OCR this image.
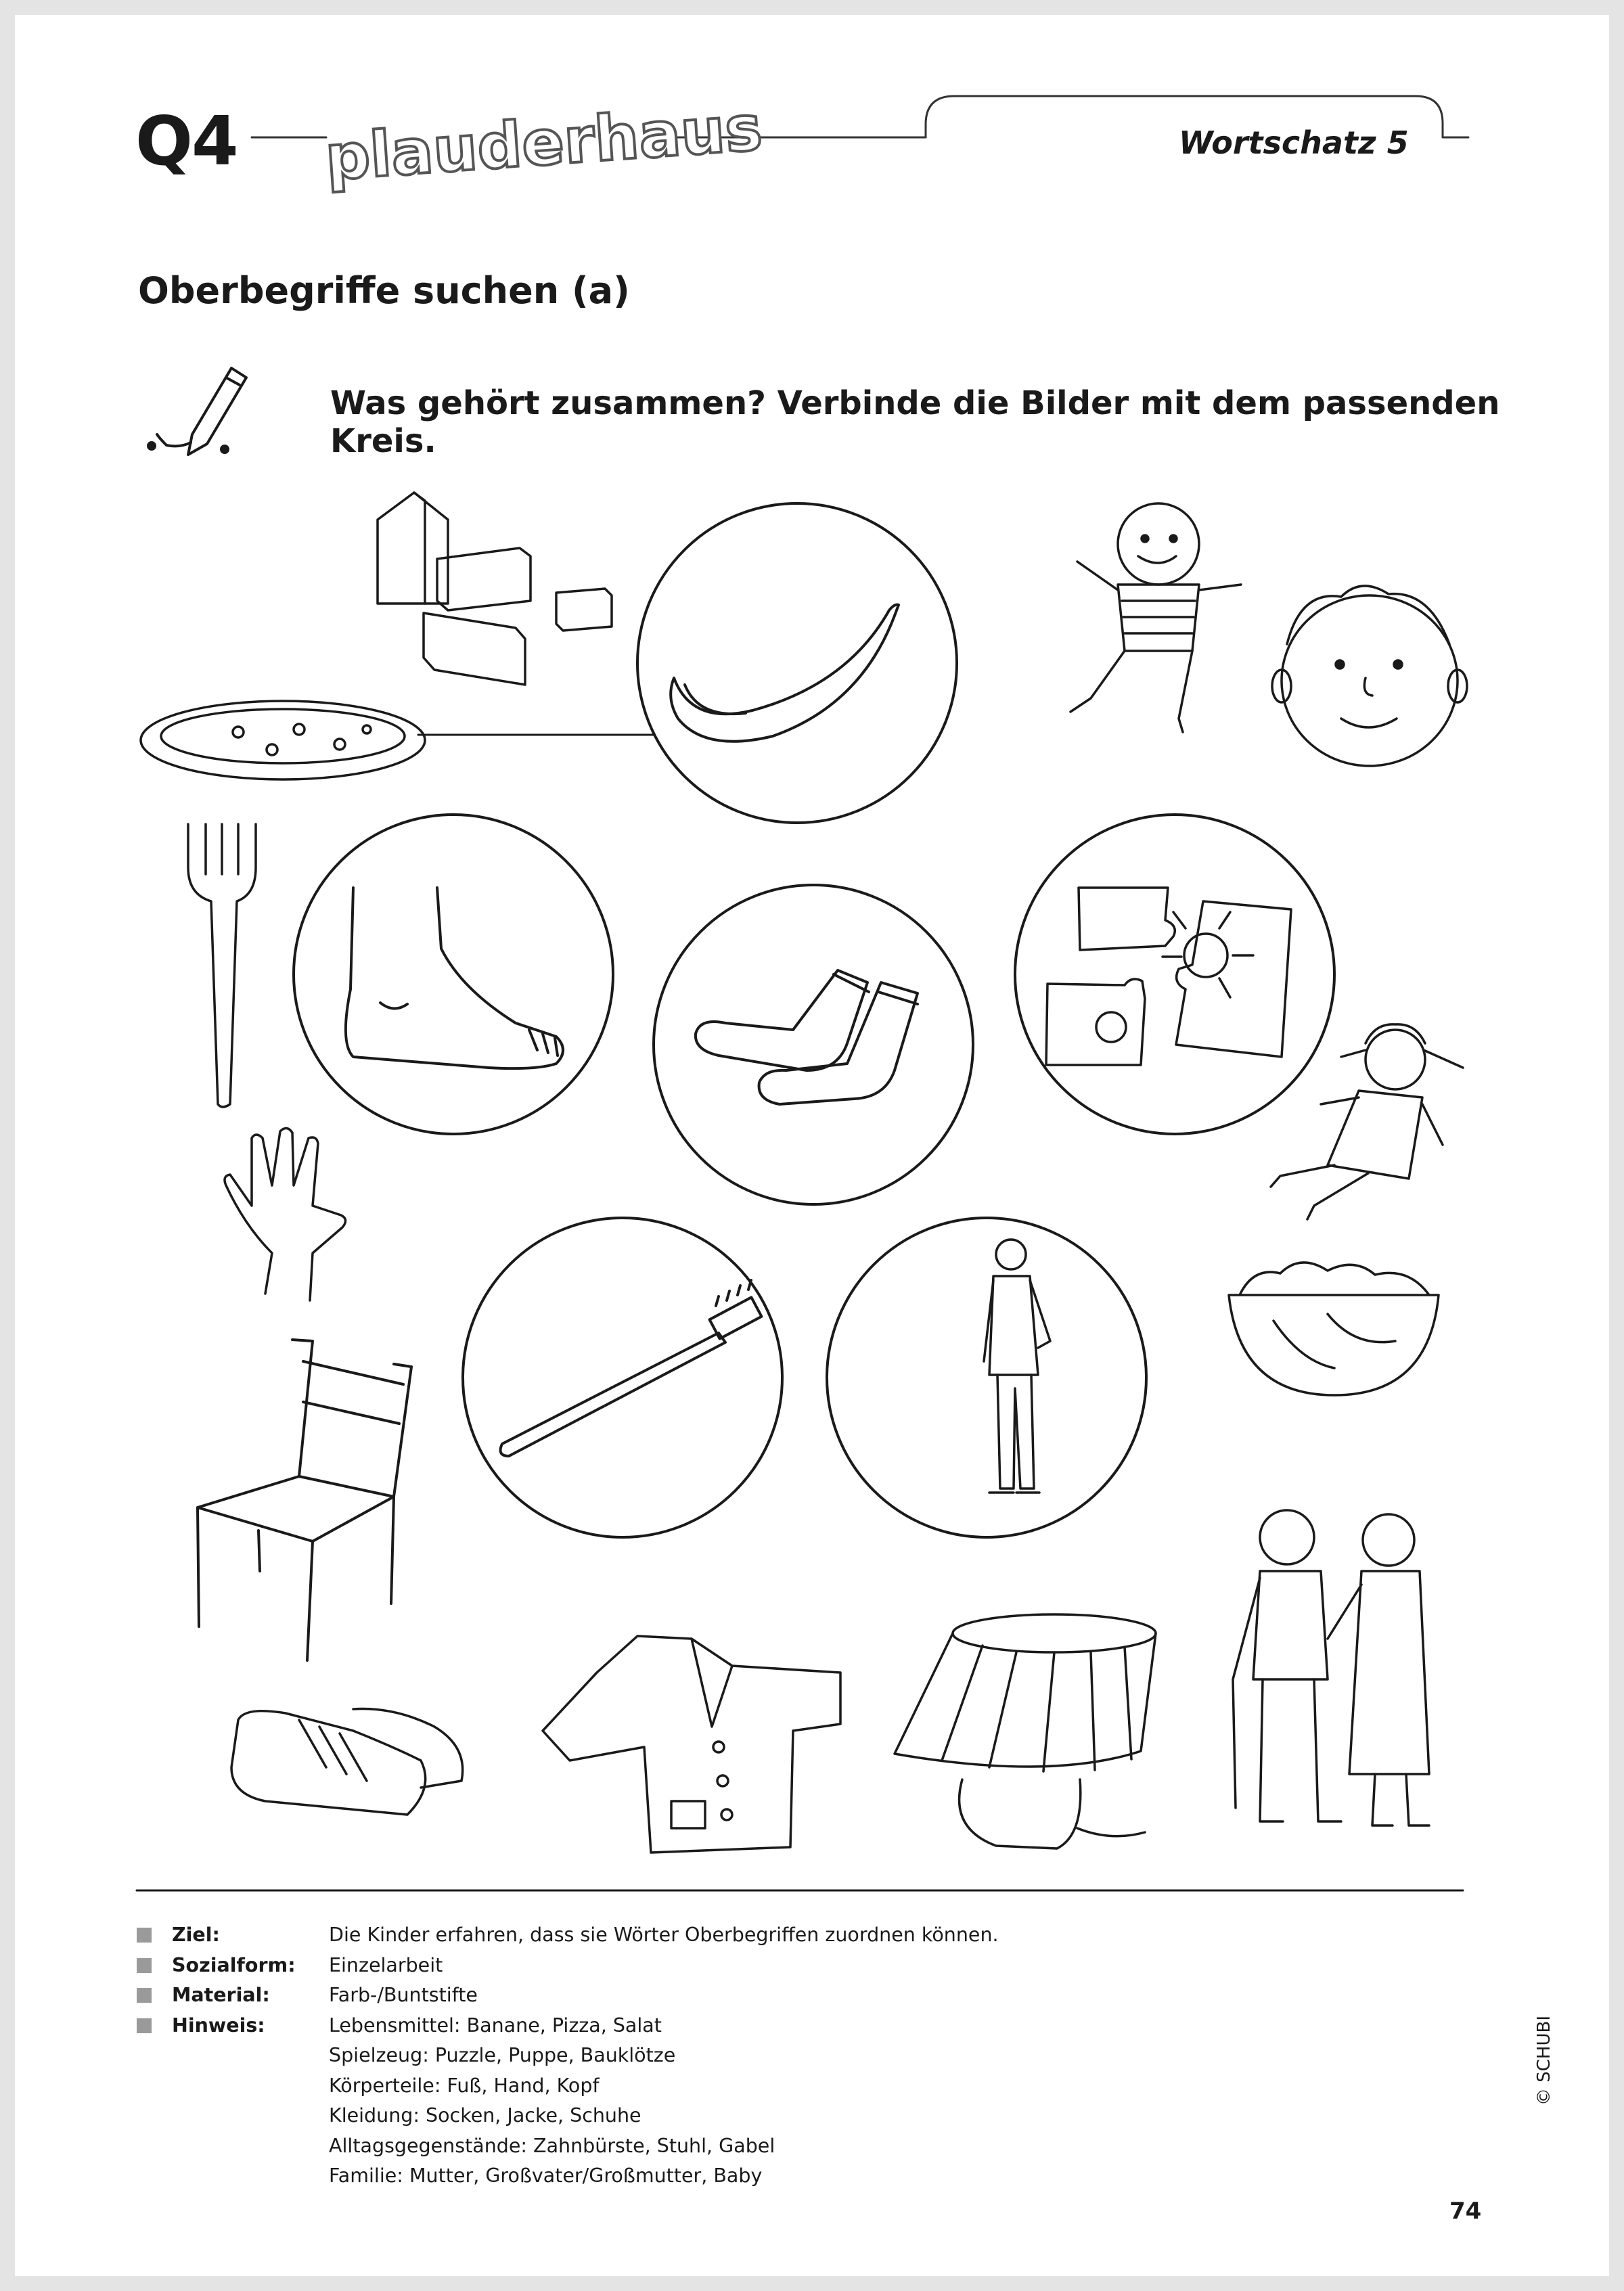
Q4 plauderhaus	Wortschatz 5
Oberbegriffe suchen (a)
Was gehört zusammen? Verbinde die Bilder mit dem passenden Kreis.
Ziel:	Die Kinder erfahren, dass sie Wörter Oberbegriffen zuordnen können.
Sozialform:	Einzelarbeit
Material:	Farb-/Buntstifte
Hinweis:	Lebensmittel: Banane, Pizza, Salat
Spielzeug: Puzzle, Puppe, Bauklötze
Körperteile: Fuß, Hand, Kopf
Kleidung: Socken, Jacke, Schuhe
Alltagsgegenstände: Zahnbürste, Stuhl, Gabel
Familie: Mutter, Großvater/Großmutter, Baby
© SCHUBI
74
